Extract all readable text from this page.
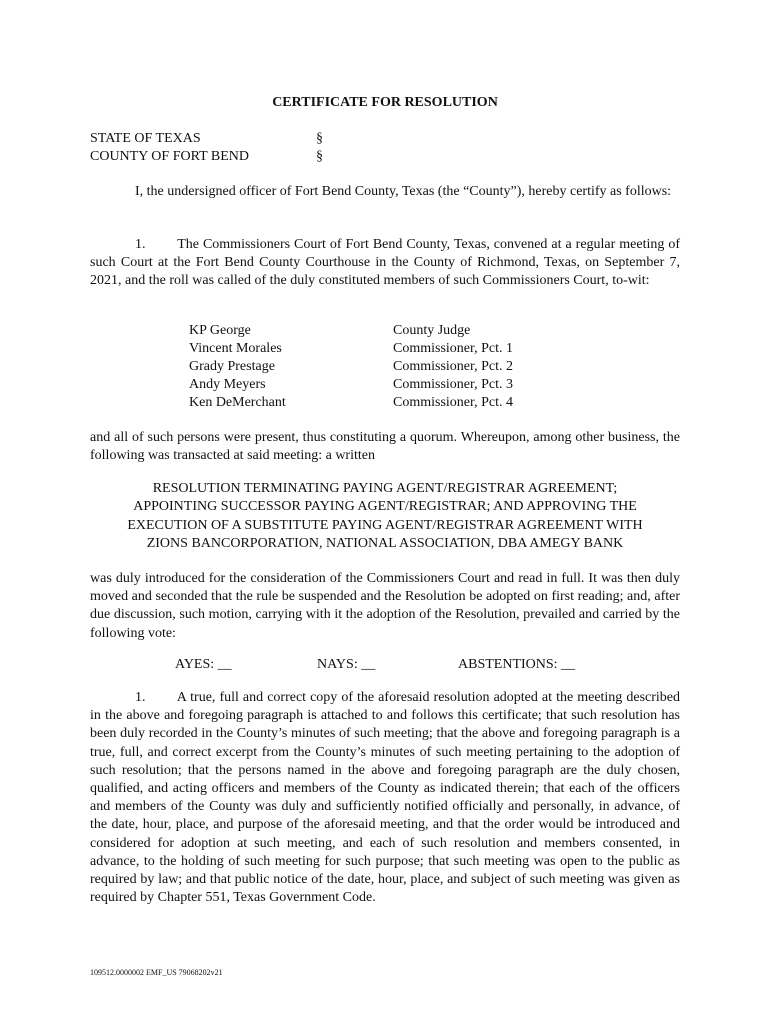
CERTIFICATE FOR RESOLUTION
STATE OF TEXAS	§
COUNTY OF FORT BEND	§

I, the undersigned officer of Fort Bend County, Texas (the “County”), hereby certify as follows:

1.   The Commissioners Court of Fort Bend County, Texas, convened at a regular meeting of such Court at the Fort Bend County Courthouse in the County of Richmond, Texas, on September 7, 2021, and the roll was called of the duly constituted members of such Commissioners Court, to-wit:

KP George	County Judge
Vincent Morales	Commissioner, Pct. 1
Grady Prestage	Commissioner, Pct. 2
Andy Meyers	Commissioner, Pct. 3
Ken DeMerchant	Commissioner, Pct. 4

and all of such persons were present, thus constituting a quorum. Whereupon, among other business, the following was transacted at said meeting: a written

RESOLUTION TERMINATING PAYING AGENT/REGISTRAR AGREEMENT;
APPOINTING SUCCESSOR PAYING AGENT/REGISTRAR; AND APPROVING THE
EXECUTION OF A SUBSTITUTE PAYING AGENT/REGISTRAR AGREEMENT WITH
ZIONS BANCORPORATION, NATIONAL ASSOCIATION, DBA AMEGY BANK

was duly introduced for the consideration of the Commissioners Court and read in full. It was then duly moved and seconded that the rule be suspended and the Resolution be adopted on first reading; and, after due discussion, such motion, carrying with it the adoption of the Resolution, prevailed and carried by the following vote:

AYES: __	NAYS: __	ABSTENTIONS: __

1.   A true, full and correct copy of the aforesaid resolution adopted at the meeting described in the above and foregoing paragraph is attached to and follows this certificate; that such resolution has been duly recorded in the County’s minutes of such meeting; that the above and foregoing paragraph is a true, full, and correct excerpt from the County’s minutes of such meeting pertaining to the adoption of such resolution; that the persons named in the above and foregoing paragraph are the duly chosen, qualified, and acting officers and members of the County as indicated therein; that each of the officers and members of the County was duly and sufficiently notified officially and personally, in advance, of the date, hour, place, and purpose of the aforesaid meeting, and that the order would be introduced and considered for adoption at such meeting, and each of such resolution and members consented, in advance, to the holding of such meeting for such purpose; that such meeting was open to the public as required by law; and that public notice of the date, hour, place, and subject of such meeting was given as required by Chapter 551, Texas Government Code.

109512.0000002 EMF_US 79068202v21
